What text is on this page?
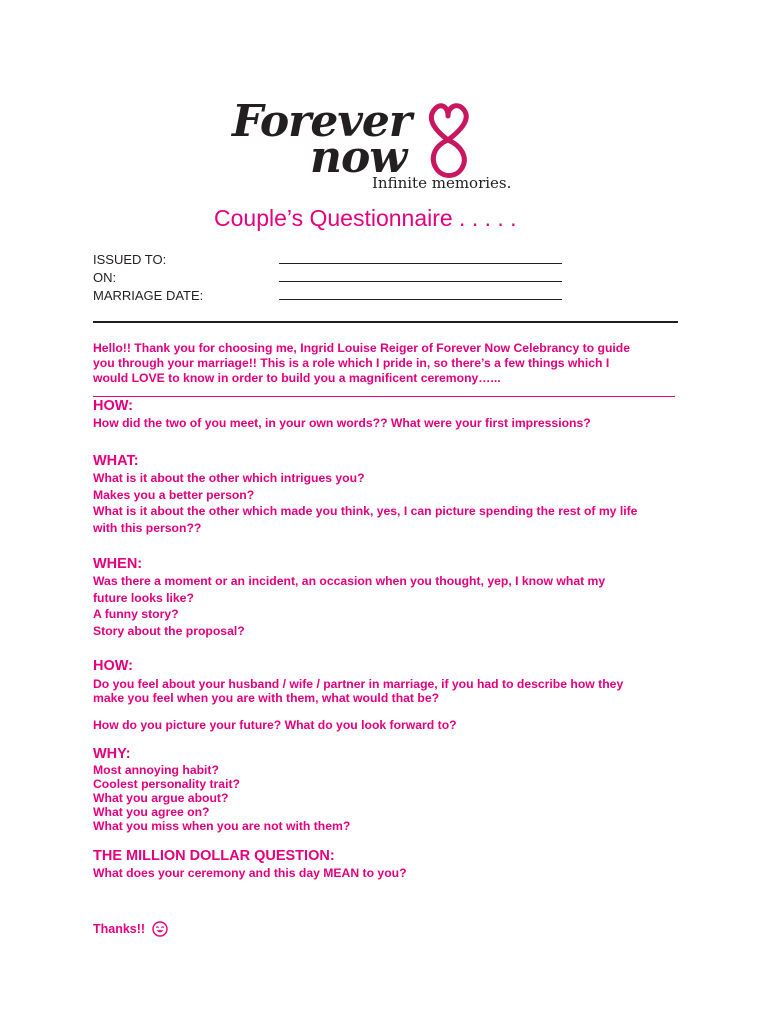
Forever
now
Infinite memories.
Couple’s Questionnaire . . . . .
ISSUED TO:
ON:
MARRIAGE DATE:
Hello!! Thank you for choosing me, Ingrid Louise Reiger of Forever Now Celebrancy to guide
you through your marriage!! This is a role which I pride in, so there’s a few things which I
would LOVE to know in order to build you a magnificent ceremony…...

HOW:

How did the two of you meet, in your own words?? What were your first impressions?

WHAT:

What is it about the other which intrigues you?

Makes you a better person?

What is it about the other which made you think, yes, I can picture spending the rest of my life

with this person??

WHEN:

Was there a moment or an incident, an occasion when you thought, yep, I know what my

future looks like?

A funny story?

Story about the proposal?

HOW:

Do you feel about your husband / wife / partner in marriage, if you had to describe how they

make you feel when you are with them, what would that be?

How do you picture your future? What do you look forward to?

WHY:

Most annoying habit?

Coolest personality trait?

What you argue about?

What you agree on?

What you miss when you are not with them?

THE MILLION DOLLAR QUESTION:

What does your ceremony and this day MEAN to you?

Thanks!!
